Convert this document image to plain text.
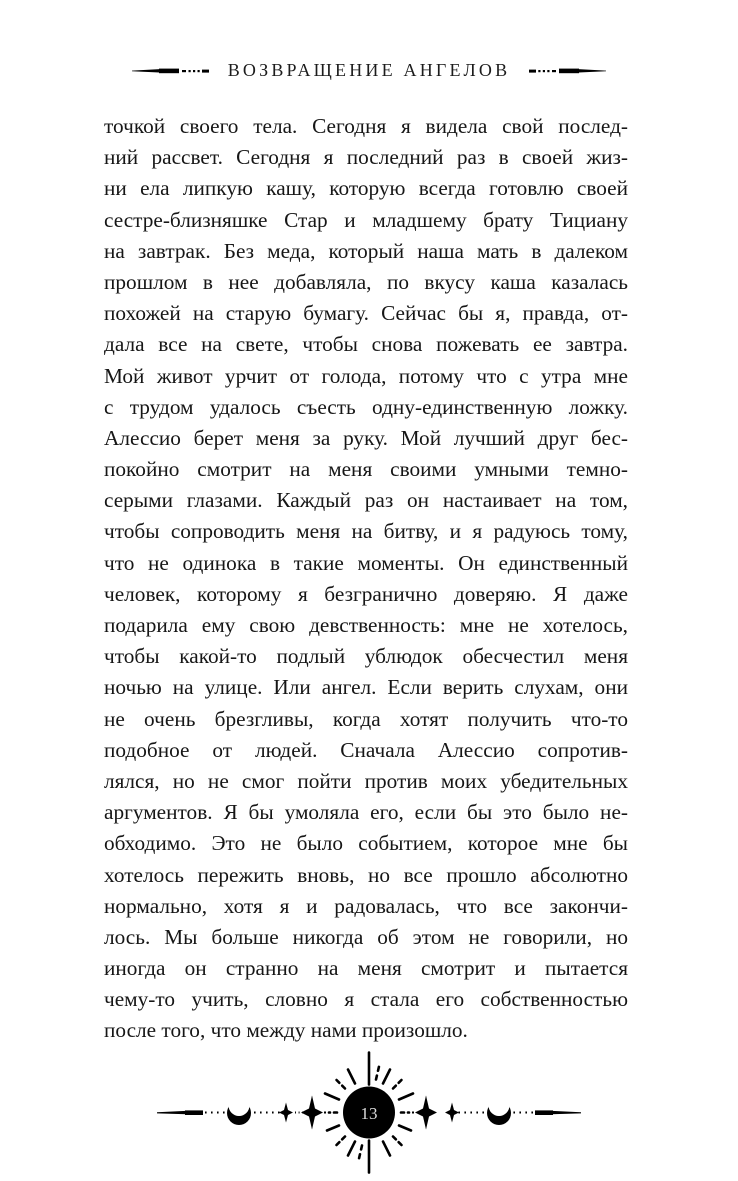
ВОЗВРАЩЕНИЕ АНГЕЛОВ
точкой своего тела. Сегодня я видела свой послед-
ний рассвет. Сегодня я последний раз в своей жиз-
ни ела липкую кашу, которую всегда готовлю своей
сестре-близняшке Стар и младшему брату Тициану
на завтрак. Без меда, который наша мать в далеком
прошлом в нее добавляла, по вкусу каша казалась
похожей на старую бумагу. Сейчас бы я, правда, от-
дала все на свете, чтобы снова пожевать ее завтра.
Мой живот урчит от голода, потому что с утра мне
с трудом удалось съесть одну-единственную ложку.
Алессио берет меня за руку. Мой лучший друг бес-
покойно смотрит на меня своими умными темно-
серыми глазами. Каждый раз он настаивает на том,
чтобы сопроводить меня на битву, и я радуюсь тому,
что не одинока в такие моменты. Он единственный
человек, которому я безгранично доверяю. Я даже
подарила ему свою девственность: мне не хотелось,
чтобы какой-то подлый ублюдок обесчестил меня
ночью на улице. Или ангел. Если верить слухам, они
не очень брезгливы, когда хотят получить что-то
подобное от людей. Сначала Алессио сопротив-
лялся, но не смог пойти против моих убедительных
аргументов. Я бы умоляла его, если бы это было не-
обходимо. Это не было событием, которое мне бы
хотелось пережить вновь, но все прошло абсолютно
нормально, хотя я и радовалась, что все закончи-
лось. Мы больше никогда об этом не говорили, но
иногда он странно на меня смотрит и пытается
чему-то учить, словно я стала его собственностью
после того, что между нами произошло.
13
